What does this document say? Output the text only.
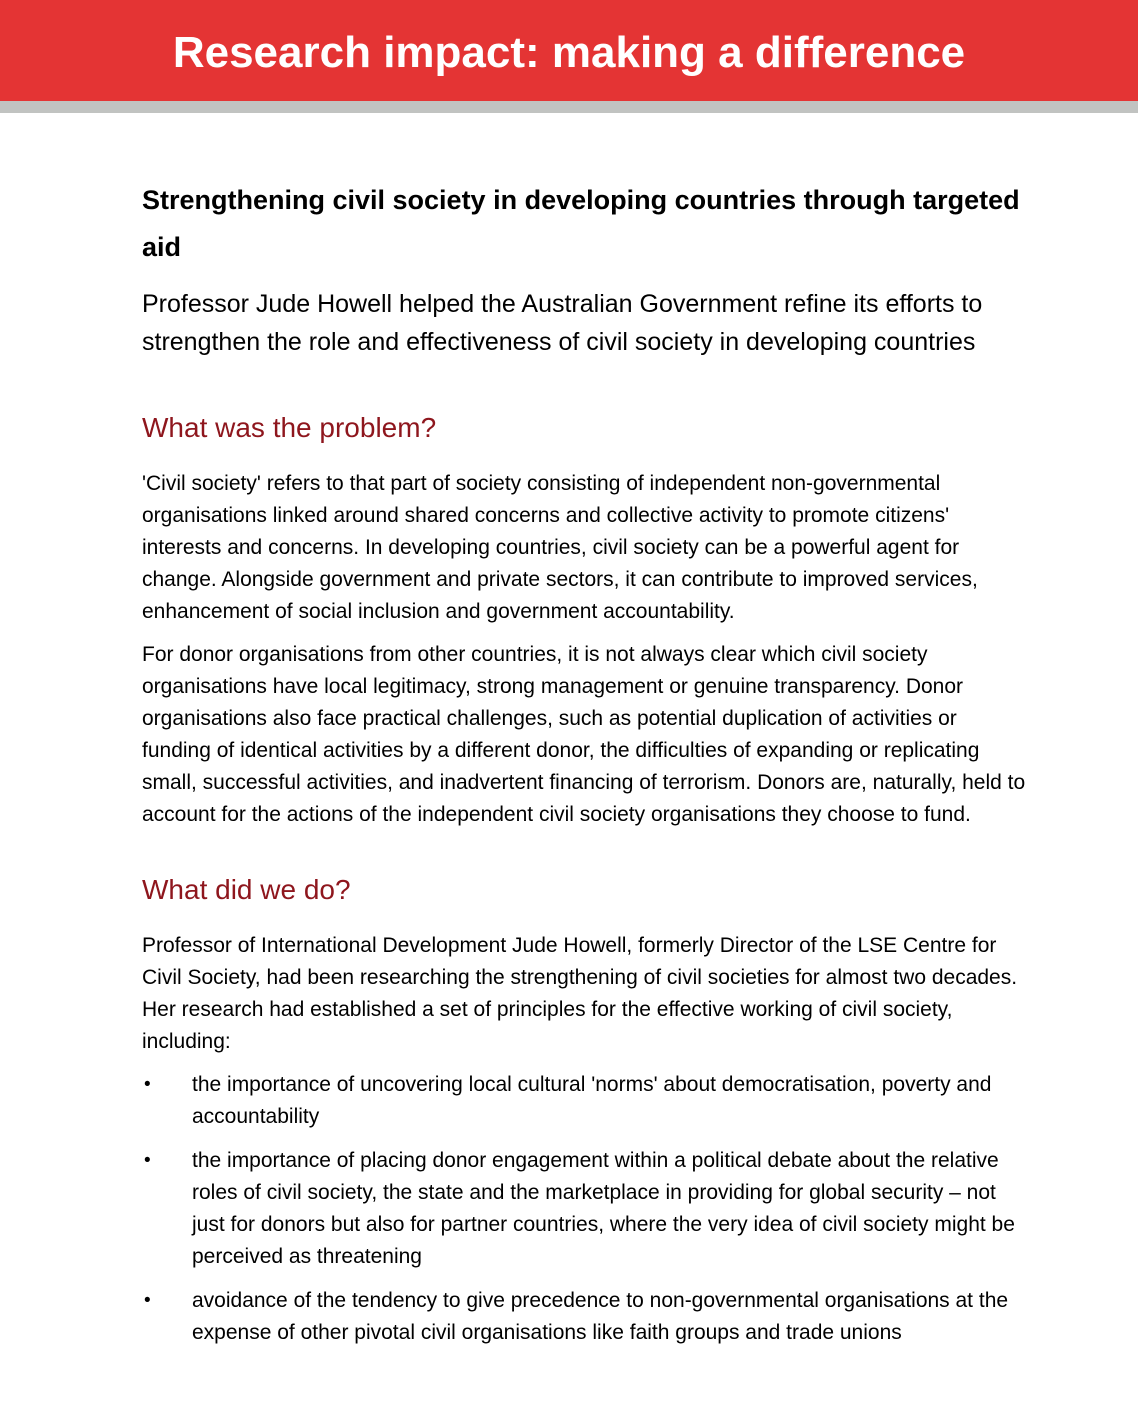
Research impact: making a difference
Strengthening civil society in developing countries through targeted aid

Professor Jude Howell helped the Australian Government refine its efforts to strengthen the role and effectiveness of civil society in developing countries

What was the problem?

'Civil society' refers to that part of society consisting of independent non-governmental organisations linked around shared concerns and collective activity to promote citizens' interests and concerns. In developing countries, civil society can be a powerful agent for change. Alongside government and private sectors, it can contribute to improved services, enhancement of social inclusion and government accountability.

For donor organisations from other countries, it is not always clear which civil society organisations have local legitimacy, strong management or genuine transparency. Donor organisations also face practical challenges, such as potential duplication of activities or funding of identical activities by a different donor, the difficulties of expanding or replicating small, successful activities, and inadvertent financing of terrorism. Donors are, naturally, held to account for the actions of the independent civil society organisations they choose to fund.

What did we do?

Professor of International Development Jude Howell, formerly Director of the LSE Centre for Civil Society, had been researching the strengthening of civil societies for almost two decades. Her research had established a set of principles for the effective working of civil society, including:

•	the importance of uncovering local cultural 'norms' about democratisation, poverty and accountability
•	the importance of placing donor engagement within a political debate about the relative roles of civil society, the state and the marketplace in providing for global security – not just for donors but also for partner countries, where the very idea of civil society might be perceived as threatening
•	avoidance of the tendency to give precedence to non-governmental organisations at the expense of other pivotal civil organisations like faith groups and trade unions
